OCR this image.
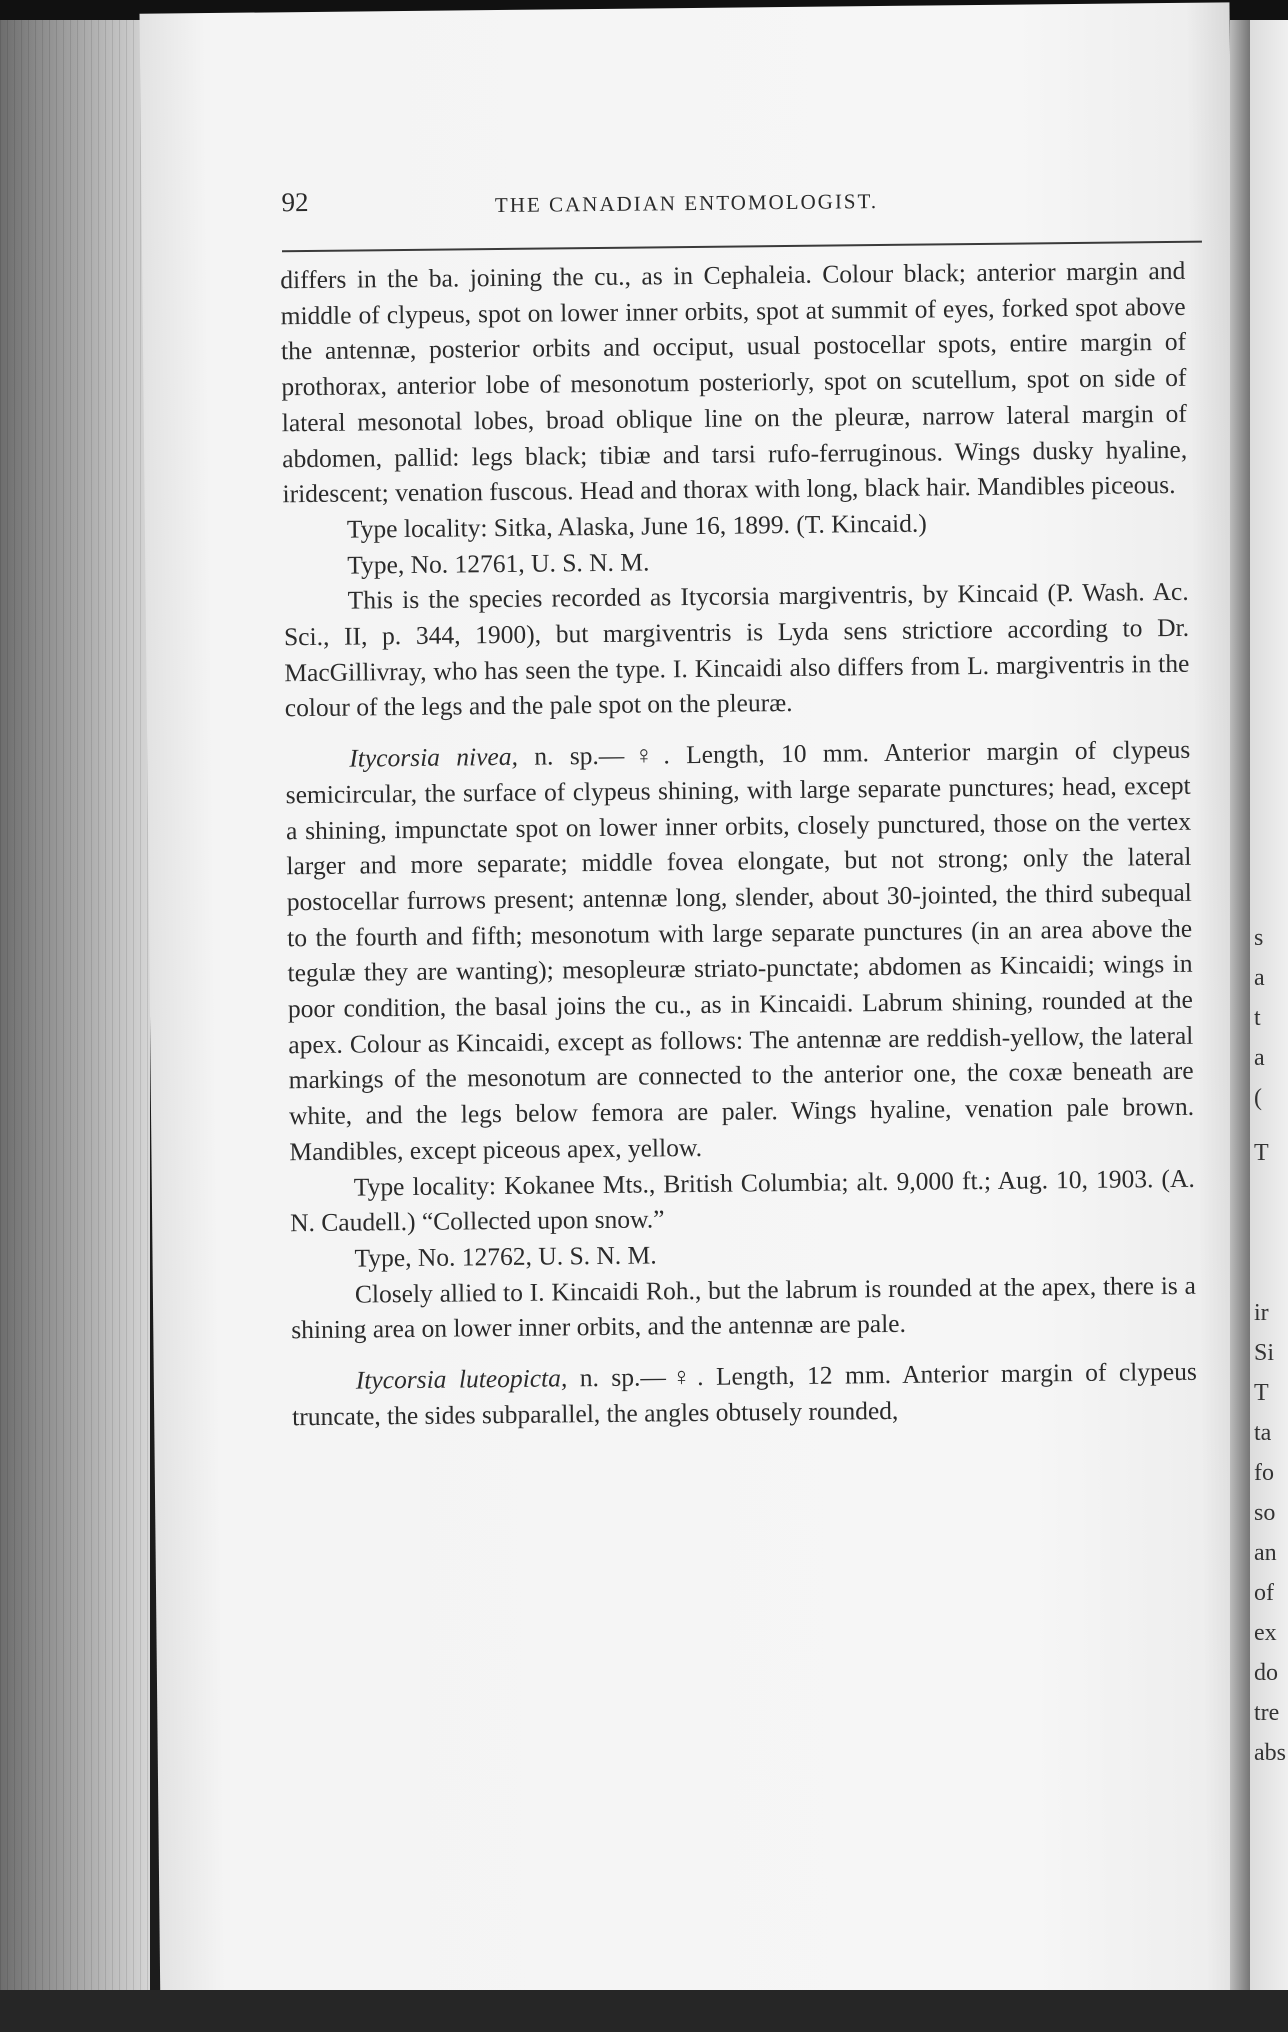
92	THE CANADIAN ENTOMOLOGIST.

differs in the ba. joining the cu., as in Cephaleia. Colour black; anterior margin and middle of clypeus, spot on lower inner orbits, spot at summit of eyes, forked spot above the antennæ, posterior orbits and occiput, usual postocellar spots, entire margin of prothorax, anterior lobe of mesonotum posteriorly, spot on scutellum, spot on side of lateral mesonotal lobes, broad oblique line on the pleuræ, narrow lateral margin of abdomen, pallid: legs black; tibiæ and tarsi rufo-ferruginous. Wings dusky hyaline, iridescent; venation fuscous. Head and thorax with long, black hair. Mandibles piceous.

Type locality: Sitka, Alaska, June 16, 1899. (T. Kincaid.)

Type, No. 12761, U. S. N. M.

This is the species recorded as Itycorsia margiventris, by Kincaid (P. Wash. Ac. Sci., II, p. 344, 1900), but margiventris is Lyda sens strictiore according to Dr. MacGillivray, who has seen the type. I. Kincaidi also differs from L. margiventris in the colour of the legs and the pale spot on the pleuræ.

Itycorsia nivea, n. sp.—♀. Length, 10 mm. Anterior margin of clypeus semicircular, the surface of clypeus shining, with large separate punctures; head, except a shining, impunctate spot on lower inner orbits, closely punctured, those on the vertex larger and more separate; middle fovea elongate, but not strong; only the lateral postocellar furrows present; antennæ long, slender, about 30-jointed, the third subequal to the fourth and fifth; mesonotum with large separate punctures (in an area above the tegulæ they are wanting); mesopleuræ striato-punctate; abdomen as Kincaidi; wings in poor condition, the basal joins the cu., as in Kincaidi. Labrum shining, rounded at the apex. Colour as Kincaidi, except as follows: The antennæ are reddish-yellow, the lateral markings of the mesonotum are connected to the anterior one, the coxæ beneath are white, and the legs below femora are paler. Wings hyaline, venation pale brown. Mandibles, except piceous apex, yellow.

Type locality: Kokanee Mts., British Columbia; alt. 9,000 ft.; Aug. 10, 1903. (A. N. Caudell.) “Collected upon snow.”

Type, No. 12762, U. S. N. M.

Closely allied to I. Kincaidi Roh., but the labrum is rounded at the apex, there is a shining area on lower inner orbits, and the antennæ are pale.

Itycorsia luteopicta, n. sp.—♀. Length, 12 mm. Anterior margin of clypeus truncate, the sides subparallel, the angles obtusely rounded,

s
a
t
a
(
T
ir
Si
T
ta
fo
so
an
of
ex
do
tre
abs
